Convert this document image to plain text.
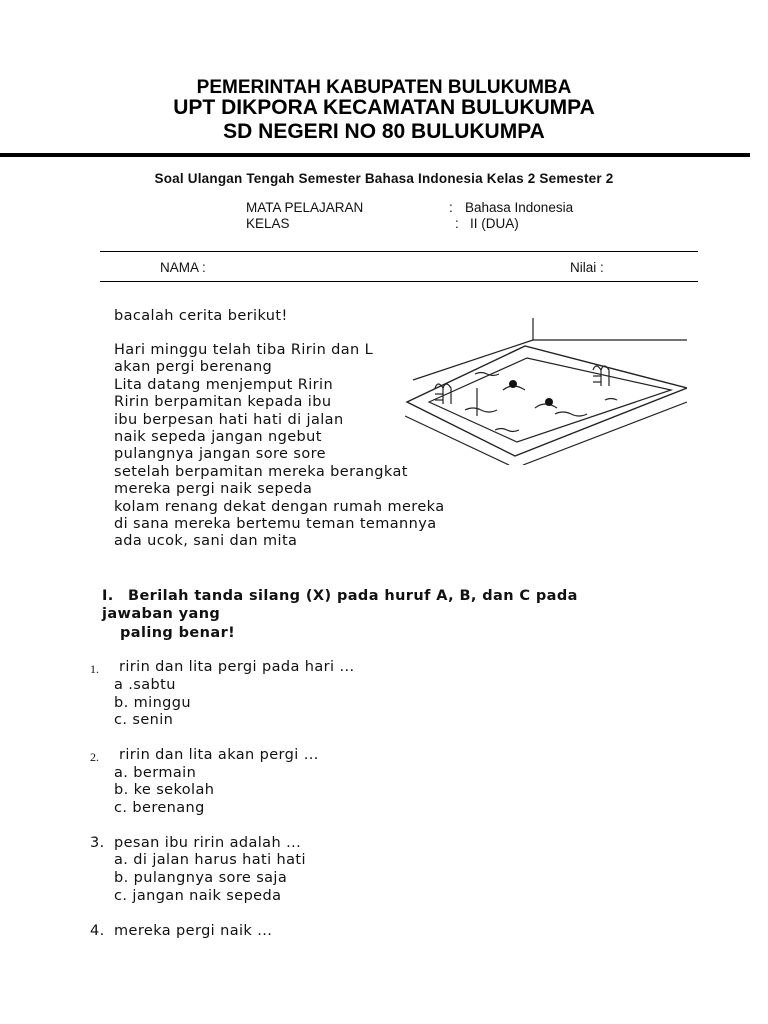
PEMERINTAH KABUPATEN BULUKUMBA
UPT DIKPORA KECAMATAN BULUKUMPA
SD NEGERI NO 80 BULUKUMPA
Soal Ulangan Tengah Semester Bahasa Indonesia Kelas 2 Semester 2
MATA PELAJARAN	: Bahasa Indonesia
KELAS	: II (DUA)
NAMA :	Nilai :
bacalah cerita berikut!
Hari minggu telah tiba Ririn dan L
akan pergi berenang
Lita datang menjemput Ririn
Ririn berpamitan kepada ibu
ibu berpesan hati hati di jalan
naik sepeda jangan ngebut
pulangnya jangan sore sore
setelah berpamitan mereka berangkat
mereka pergi naik sepeda
kolam renang dekat dengan rumah mereka
di sana mereka bertemu teman temannya
ada ucok, sani dan mita
I. Berilah tanda silang (X) pada huruf A, B, dan C pada
jawaban yang
paling benar!
1. ririn dan lita pergi pada hari ...
a .sabtu
b. minggu
c. senin
2. ririn dan lita akan pergi ...
a. bermain
b. ke sekolah
c. berenang
3. pesan ibu ririn adalah ...
a. di jalan harus hati hati
b. pulangnya sore saja
c. jangan naik sepeda
4. mereka pergi naik ...
